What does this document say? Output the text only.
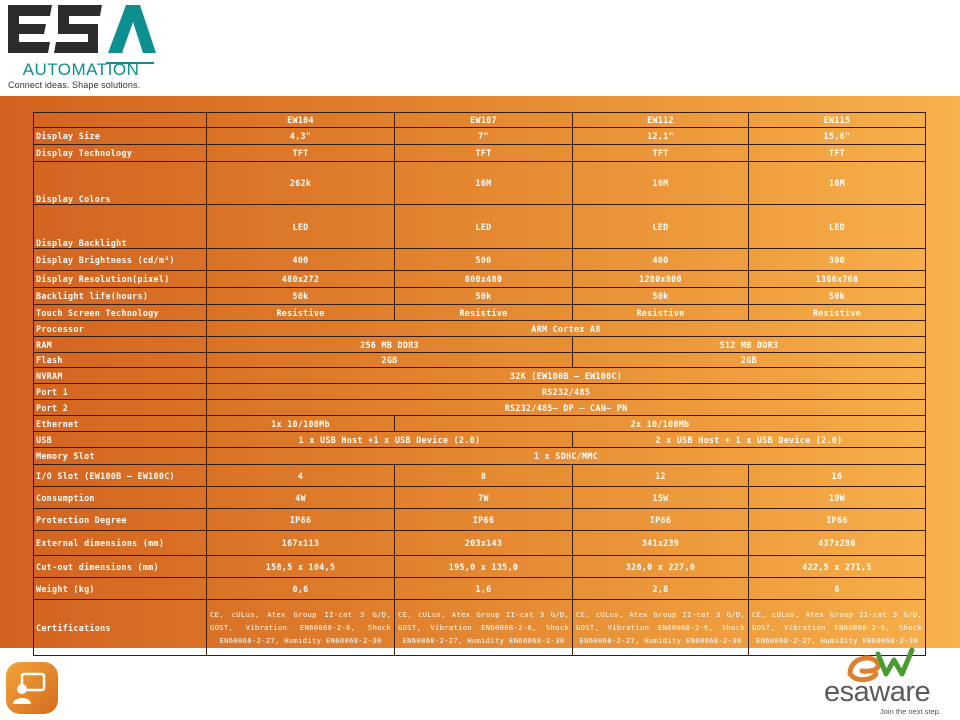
AUTOMATION
Connect ideas. Shape solutions.
	EW104	EW107	EW112	EW115
Display Size	4,3"	7"	12,1"	15,6"
Display Technology	TFT	TFT	TFT	TFT
Display Colors	262k	16M	16M	16M
Display Backlight	LED	LED	LED	LED
Display Brightness (cd/m²)	400	500	400	300
Display Resolution(pixel)	480x272	800x480	1280x800	1366x768
Backlight life(hours)	50k	50k	50k	50k
Touch Screen Technology	Resistive	Resistive	Resistive	Resistive
Processor	ARM Cortex A8			
RAM	256 MB DDR3		512 MB DDR3	
Flash	2GB		2GB	
NVRAM	32K (EW100B – EW100C)			
Port 1	RS232/485			
Port 2	RS232/485– DP – CAN– PN			
Ethernet	1x 10/100Mb	2x 10/100Mb		
USB	1 x USB Host +1 x USB Device (2.0)		2 x USB Host + 1 x USB Device (2.0)	
Memory Slot	1 x SDHC/MMC			
I/O Slot (EW100B – EW100C)	4	8	12	16
Consumption	4W	7W	15W	19W
Protection Degree	IP66	IP66	IP66	IP66
External dimensions (mm)	167x113	203x143	341x239	437x286
Cut-out dimensions (mm)	158,5 x 104,5	195,0 x 135,0	326,0 x 227,0	422,5 x 271,5
Weight (kg)	0,6	1,6	2,8	6
Certifications	CE, cULus, Atex Group II-cat 3 G/D, GOST, Vibration EN60068-2-6, Shock EN60068-2-27, Humidity EN60068-2-30	CE, cULus, Atex Group II-cat 3 G/D, GOST, Vibration EN60068-2-6, Shock EN60068-2-27, Humidity EN60068-2-30	CE, cULus, Atex Group II-cat 3 G/D, GOST, Vibration EN60068-2-6, Shock EN60068-2-27, Humidity EN60068-2-30	CE, cULus, Atex Group II-cat 3 G/D, GOST, Vibration EN60068-2-6, Shock EN60068-2-27, Humidity EN60068-2-30
esaware
Join the next step.
